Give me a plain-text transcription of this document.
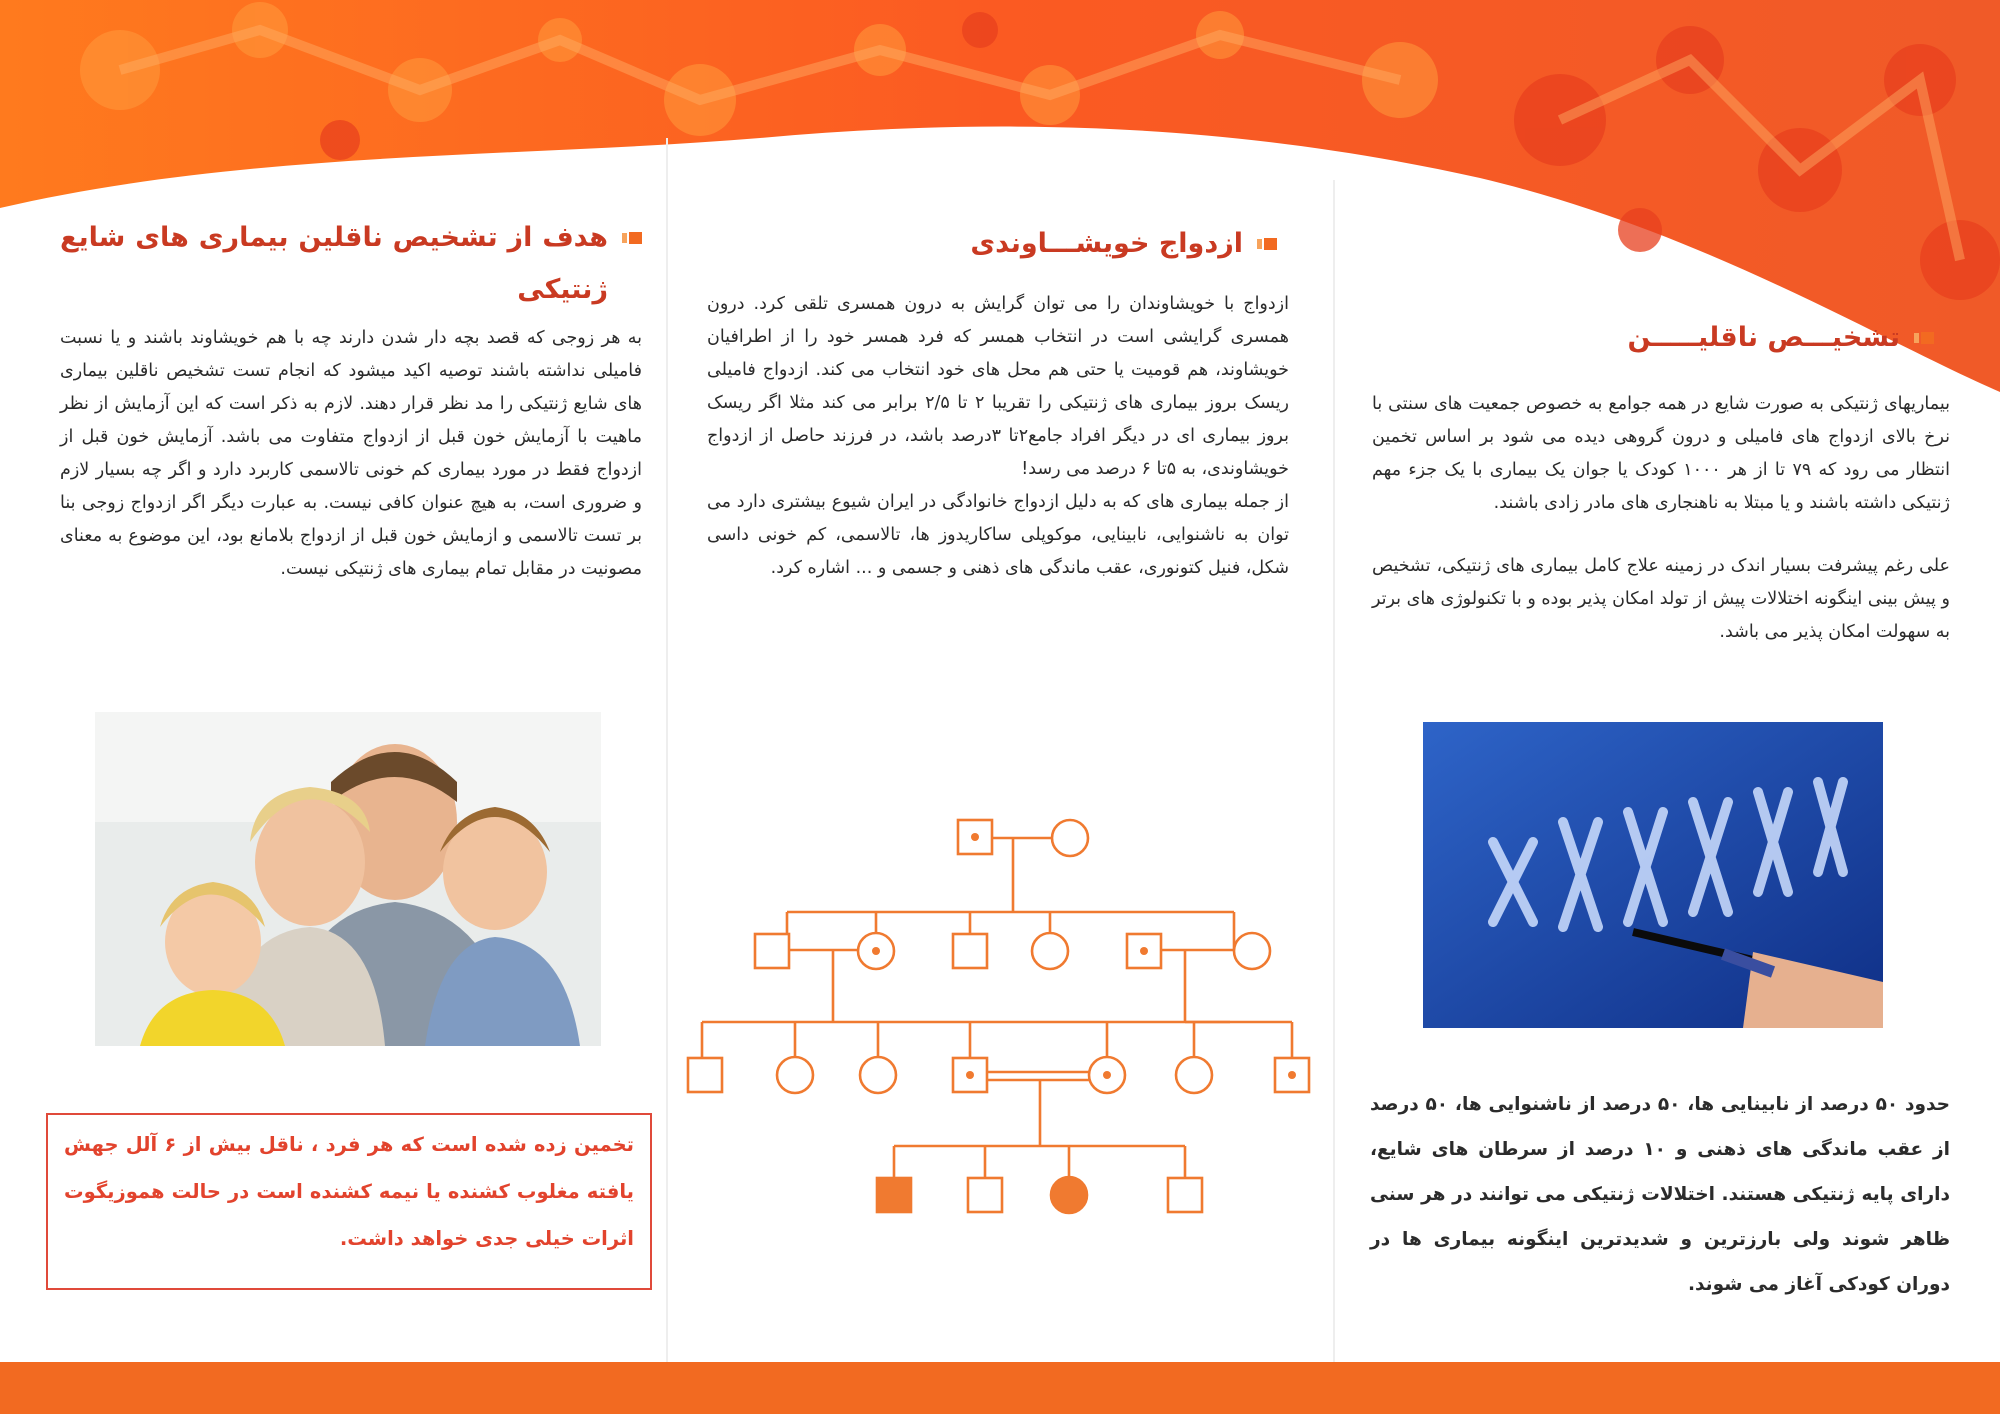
هدف از تشخیص ناقلین بیماری های شایع ژنتیکی

به هر زوجی که قصد بچه دار شدن دارند چه با هم خویشاوند باشند و یا نسبت فامیلی نداشته باشند توصیه اکید میشود که انجام تست تشخیص ناقلین بیماری های شایع ژنتیکی را مد نظر قرار دهند. لازم به ذکر است که این آزمایش از نظر ماهیت با آزمایش خون قبل از ازدواج متفاوت می باشد. آزمایش خون قبل از ازدواج فقط در مورد بیماری کم خونی تالاسمی کاربرد دارد و اگر چه بسیار لازم و ضروری است، به هیچ عنوان کافی نیست. به عبارت دیگر اگر ازدواج زوجی بنا بر تست تالاسمی و ازمایش خون قبل از ازدواج بلامانع بود، این موضوع به معنای مصونیت در مقابل تمام بیماری های ژنتیکی نیست.

تخمین زده شده است که هر فرد ، ناقل بیش از ۶ آلل جهش یافته مغلوب کشنده یا نیمه کشنده است در حالت هموزیگوت اثرات خیلی جدی خواهد داشت.
ازدواج خویشـــاوندی

ازدواج با خویشاوندان را می توان گرایش به درون همسری تلقی کرد. درون همسری گرایشی است در انتخاب همسر که فرد همسر خود را از اطرافیان خویشاوند، هم قومیت یا حتی هم محل های خود انتخاب می کند. ازدواج فامیلی ریسک بروز بیماری های ژنتیکی را تقریبا ۲ تا ۲/۵ برابر می کند مثلا اگر ریسک بروز بیماری ای در دیگر افراد جامع۲تا ۳درصد باشد، در فرزند حاصل از ازدواج خویشاوندی، به ۵تا ۶ درصد می رسد!

از جمله بیماری های که به دلیل ازدواج خانوادگی در ایران شیوع بیشتری دارد می توان به ناشنوایی، نابینایی، موکوپلی ساکاریدوز ها، تالاسمی، کم خونی داسی شکل، فنیل کتونوری، عقب ماندگی های ذهنی و جسمی و ... اشاره کرد.

تشخیـــص ناقلیـــــن

بیماریهای ژنتیکی به صورت شایع در همه جوامع به خصوص جمعیت های سنتی با نرخ بالای ازدواج های فامیلی و درون گروهی دیده می شود بر اساس تخمین انتظار می رود که ۷۹ تا از هر ۱۰۰۰ کودک یا جوان یک بیماری با یک جزء مهم ژنتیکی داشته باشند و یا مبتلا به ناهنجاری های مادر زادی باشند.

علی رغم پیشرفت بسیار اندک در زمینه علاج کامل بیماری های ژنتیکی، تشخیص و پیش بینی اینگونه اختلالات پیش از تولد امکان پذیر بوده و با تکنولوژی های برتر به سهولت امکان پذیر می باشد.

حدود ۵۰ درصد از نابینایی ها، ۵۰ درصد از ناشنوایی ها، ۵۰ درصد از عقب ماندگی های ذهنی و ۱۰ درصد از سرطان های شایع، دارای پایه ژنتیکی هستند. اختلالات ژنتیکی می توانند در هر سنی ظاهر شوند ولی بارزترین و شدیدترین اینگونه بیماری ها در دوران کودکی آغاز می شوند.
